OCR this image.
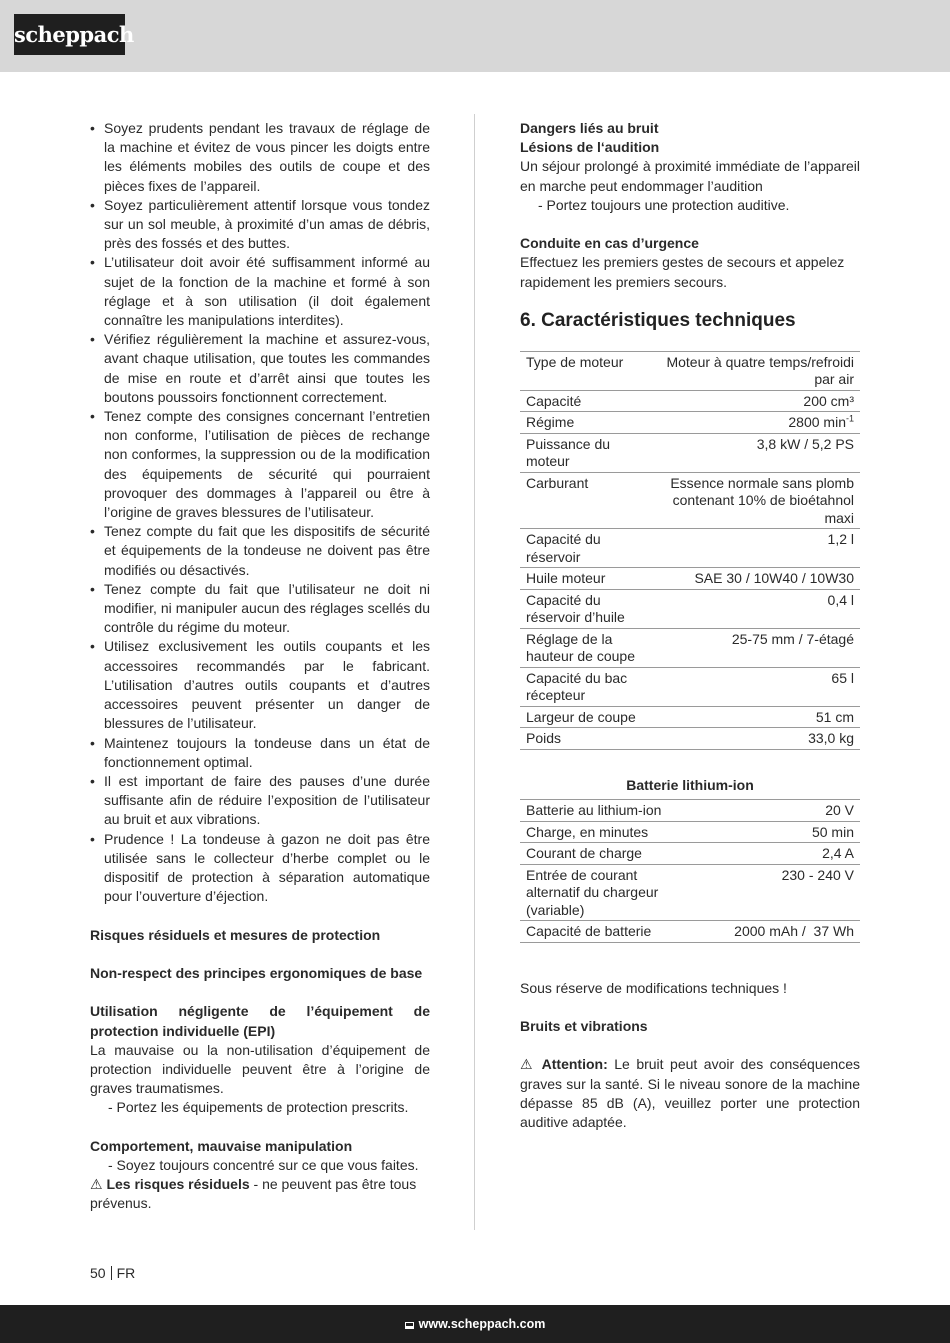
scheppach
• Soyez prudents pendant les travaux de réglage de la machine et évitez de vous pincer les doigts entre les éléments mobiles des outils de coupe et des pièces fixes de l’appareil.
• Soyez particulièrement attentif lorsque vous tondez sur un sol meuble, à proximité d’un amas de débris, près des fossés et des buttes.
• L’utilisateur doit avoir été suffisamment informé au sujet de la fonction de la machine et formé à son réglage et à son utilisation (il doit également connaître les manipulations interdites).
• Vérifiez régulièrement la machine et assurez-vous, avant chaque utilisation, que toutes les commandes de mise en route et d’arrêt ainsi que toutes les boutons poussoirs fonctionnent correctement.
• Tenez compte des consignes concernant l’entretien non conforme, l’utilisation de pièces de rechange non conformes, la suppression ou de la modification des équipements de sécurité qui pourraient provoquer des dommages à l’appareil ou être à l’origine de graves blessures de l’utilisateur.
• Tenez compte du fait que les dispositifs de sécurité et équipements de la tondeuse ne doivent pas être modifiés ou désactivés.
• Tenez compte du fait que l’utilisateur ne doit ni modifier, ni manipuler aucun des réglages scellés du contrôle du régime du moteur.
• Utilisez exclusivement les outils coupants et les accessoires recommandés par le fabricant. L’utilisation d’autres outils coupants et d’autres accessoires peuvent présenter un danger de blessures de l’utilisateur.
• Maintenez toujours la tondeuse dans un état de fonctionnement optimal.
• Il est important de faire des pauses d’une durée suffisante afin de réduire l’exposition de l’utilisateur au bruit et aux vibrations.
• Prudence ! La tondeuse à gazon ne doit pas être utilisée sans le collecteur d’herbe complet ou le dispositif de protection à séparation automatique pour l’ouverture d’éjection.

Risques résiduels et mesures de protection

Non-respect des principes ergonomiques de base

Utilisation négligente de l’équipement de protection individuelle (EPI)

La mauvaise ou la non-utilisation d’équipement de protection individuelle peuvent être à l’origine de graves traumatismes.

- Portez les équipements de protection prescrits.

Comportement, mauvaise manipulation

- Soyez toujours concentré sur ce que vous faites.

⚠ Les risques résiduels - ne peuvent pas être tous prévenus.

Dangers liés au bruit

Lésions de l‘audition

Un séjour prolongé à proximité immédiate de l’appareil en marche peut endommager l’audition

- Portez toujours une protection auditive.

Conduite en cas d’urgence

Effectuez les premiers gestes de secours et appelez rapidement les premiers secours.

6. Caractéristiques techniques
Type de moteur	Moteur à quatre temps/refroidi par air
Capacité	200 cm³
Régime	2800 $\min^{-1}$
Puissance du moteur	3,8 kW / 5,2 PS
Carburant	Essence normale sans plomb contenant 10% de bioétahnol maxi
Capacité du réservoir	1,2 l
Huile moteur	SAE 30 / 10W40 / 10W30
Capacité du réservoir d’huile	0,4 l
Réglage de la hauteur de coupe	25-75 mm / 7-étagé
Capacité du bac récepteur	65 l
Largeur de coupe	51 cm
Poids	33,0 kg

Batterie lithium-ion

Batterie au lithium-ion	20 V
Charge, en minutes	50 min
Courant de charge	2,4 A
Entrée de courant alternatif du chargeur (variable)	230 - 240 V
Capacité de batterie	2000 mAh /  37 Wh

Sous réserve de modifications techniques !

Bruits et vibrations

⚠ Attention: Le bruit peut avoir des conséquences graves sur la santé. Si le niveau sonore de la machine dépasse 85 dB (A), veuillez porter une protection auditive adaptée.

50 FR
www.scheppach.com
